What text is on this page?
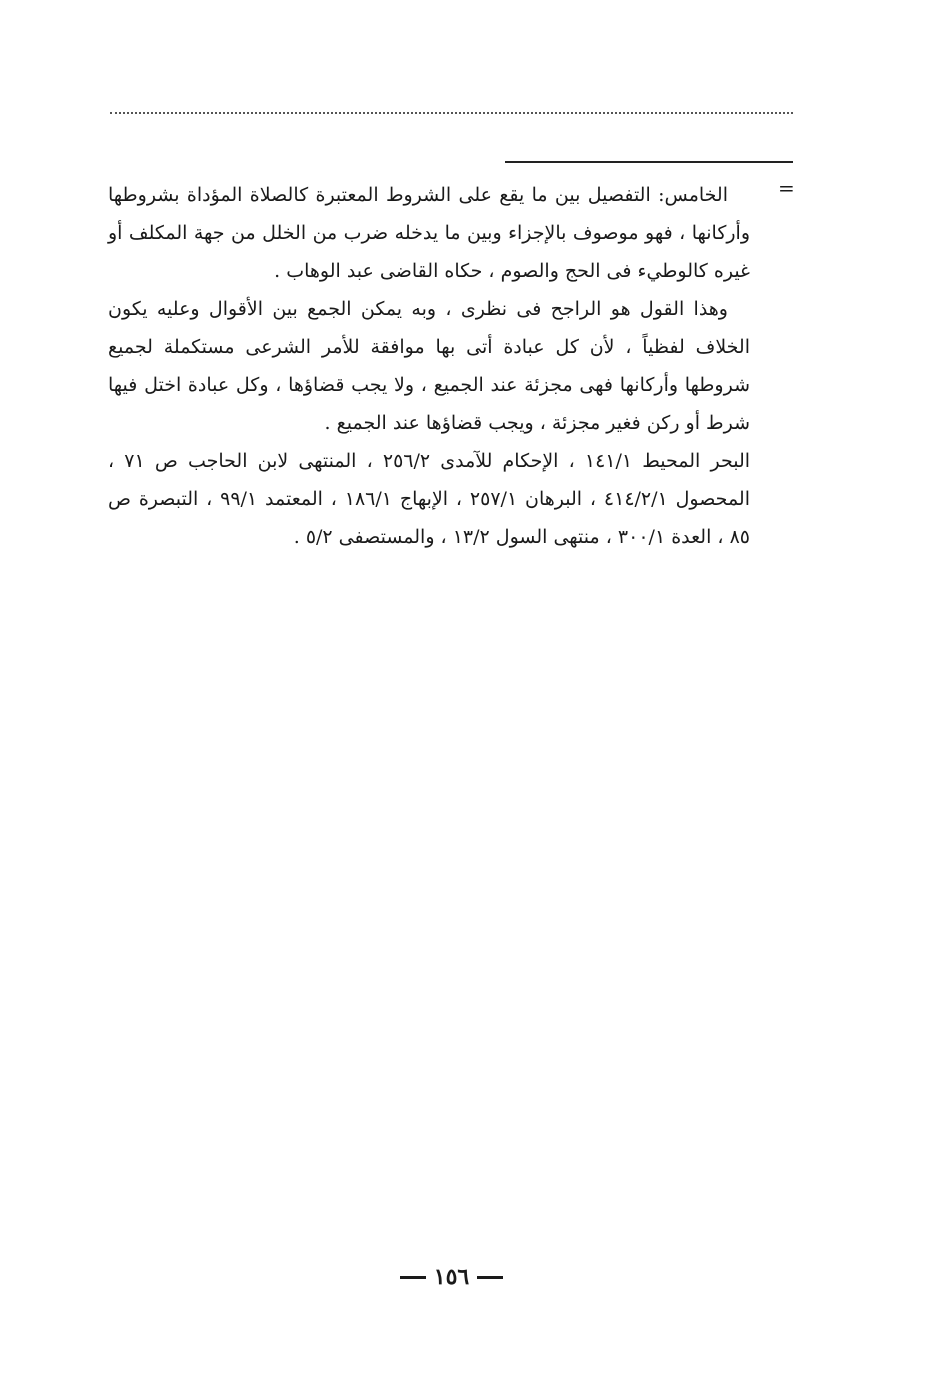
=

الخامس: التفصيل بين ما يقع على الشروط المعتبرة كالصلاة المؤداة بشروطها وأركانها ، فهو موصوف بالإجزاء وبين ما يدخله ضرب من الخلل من جهة المكلف أو غيره كالوطيء فى الحج والصوم ، حكاه القاضى عبد الوهاب .

وهذا القول هو الراجح فى نظرى ، وبه يمكن الجمع بين الأقوال وعليه يكون الخلاف لفظياً ، لأن كل عبادة أتى بها موافقة للأمر الشرعى مستكملة لجميع شروطها وأركانها فهى مجزئة عند الجميع ، ولا يجب قضاؤها ، وكل عبادة اختل فيها شرط أو ركن فغير مجزئة ، ويجب قضاؤها عند الجميع .

البحر المحيط ١٤١/١ ، الإحكام للآمدى ٢٥٦/٢ ، المنتهى لابن الحاجب ص ٧١ ، المحصول ٤١٤/٢/١ ، البرهان ٢٥٧/١ ، الإبهاج ١٨٦/١ ، المعتمد ٩٩/١ ، التبصرة ص ٨٥ ، العدة ٣٠٠/١ ، منتهى السول ١٣/٢ ، والمستصفى ٥/٢ .

١٥٦
